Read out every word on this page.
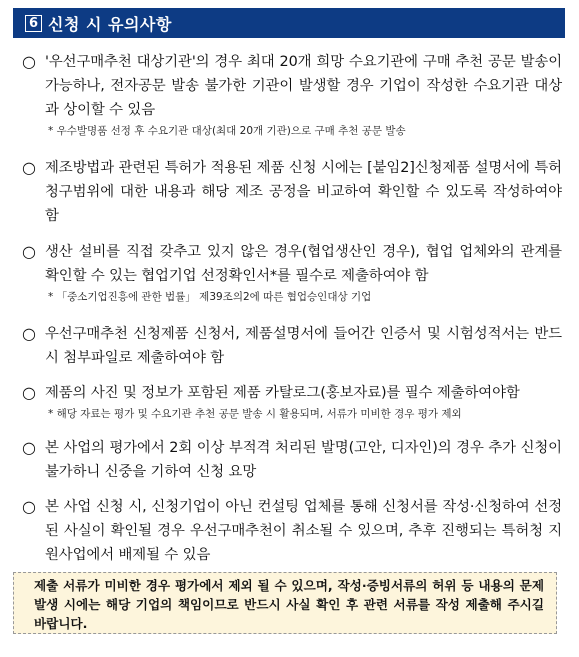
6 신청 시 유의사항
○ '우선구매추천 대상기관'의 경우 최대 20개 희망 수요기관에 구매 추천 공문 발송이 가능하나, 전자공문 발송 불가한 기관이 발생할 경우 기업이 작성한 수요기관 대상과 상이할 수 있음
* 우수발명품 선정 후 수요기관 대상(최대 20개 기관)으로 구매 추천 공문 발송
○ 제조방법과 관련된 특허가 적용된 제품 신청 시에는 [붙임2]신청제품 설명서에 특허청구범위에 대한 내용과 해당 제조 공정을 비교하여 확인할 수 있도록 작성하여야 함
○ 생산 설비를 직접 갖추고 있지 않은 경우(협업생산인 경우), 협업 업체와의 관계를 확인할 수 있는 협업기업 선정확인서*를 필수로 제출하여야 함
* 「중소기업진흥에 관한 법률」 제39조의2에 따른 협업승인대상 기업
○ 우선구매추천 신청제품 신청서, 제품설명서에 들어간 인증서 및 시험성적서는 반드시 첨부파일로 제출하여야 함
○ 제품의 사진 및 정보가 포함된 제품 카탈로그(홍보자료)를 필수 제출하여야함
* 해당 자료는 평가 및 수요기관 추천 공문 발송 시 활용되며, 서류가 미비한 경우 평가 제외
○ 본 사업의 평가에서 2회 이상 부적격 처리된 발명(고안, 디자인)의 경우 추가 신청이 불가하니 신중을 기하여 신청 요망
○ 본 사업 신청 시, 신청기업이 아닌 컨설팅 업체를 통해 신청서를 작성·신청하여 선정된 사실이 확인될 경우 우선구매추천이 취소될 수 있으며, 추후 진행되는 특허청 지원사업에서 배제될 수 있음
제출 서류가 미비한 경우 평가에서 제외 될 수 있으며, 작성·증빙서류의 허위 등 내용의 문제 발생 시에는 해당 기업의 책임이므로 반드시 사실 확인 후 관련 서류를 작성 제출해 주시길 바랍니다.
